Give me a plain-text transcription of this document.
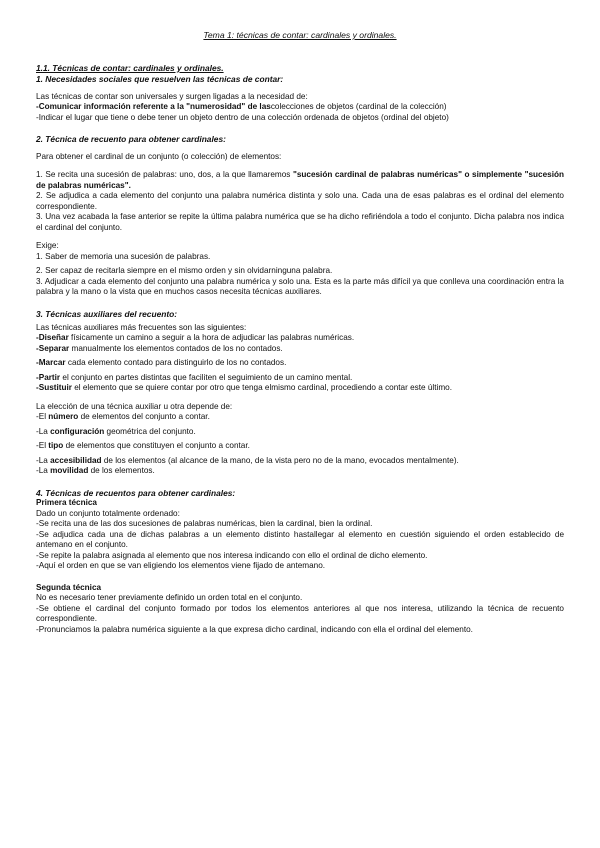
Tema 1: técnicas de contar: cardinales y ordinales.
1.1. Técnicas de contar: cardinales y ordinales.
1. Necesidades sociales que resuelven las técnicas de contar:

Las técnicas de contar son universales y surgen ligadas a la necesidad de:

-Comunicar información referente a la "numerosidad" de lascolecciones de objetos (cardinal de la colección)

-Indicar el lugar que tiene o debe tener un objeto dentro de una colección ordenada de objetos (ordinal del objeto)

2. Técnica de recuento para obtener cardinales:

Para obtener el cardinal de un conjunto (o colección) de elementos:

1. Se recita una sucesión de palabras: uno, dos, a la que llamaremos "sucesión cardinal de palabras numéricas" o simplemente "sucesión de palabras numéricas".

2. Se adjudica a cada elemento del conjunto una palabra numérica distinta y solo una. Cada una de esas palabras es el ordinal del elemento correspondiente.

3. Una vez acabada la fase anterior se repite la última palabra numérica que se ha dicho refiriéndola a todo el conjunto. Dicha palabra nos indica el cardinal del conjunto.

Exige:

1. Saber de memoria una sucesión de palabras.

2. Ser capaz de recitarla siempre en el mismo orden y sin olvidarninguna palabra.

3. Adjudicar a cada elemento del conjunto una palabra numérica y solo una. Esta es la parte más difícil ya que conlleva una coordinación entra la palabra y la mano o la vista que en muchos casos necesita técnicas auxiliares.

3. Técnicas auxiliares del recuento:

Las técnicas auxiliares más frecuentes son las siguientes:

-Diseñar físicamente un camino a seguir a la hora de adjudicar las palabras numéricas.

-Separar manualmente los elementos contados de los no contados.

-Marcar cada elemento contado para distinguirlo de los no contados.

-Partir el conjunto en partes distintas que faciliten el seguimiento de un camino mental.

-Sustituir el elemento que se quiere contar por otro que tenga elmismo cardinal, procediendo a contar este último.

La elección de una técnica auxiliar u otra depende de:

-El número de elementos del conjunto a contar.

-La configuración geométrica del conjunto.

-El tipo de elementos que constituyen el conjunto a contar.

-La accesibilidad de los elementos (al alcance de la mano, de la vista pero no de la mano, evocados mentalmente).

-La movilidad de los elementos.

4. Técnicas de recuentos para obtener cardinales:
Primera técnica

Dado un conjunto totalmente ordenado:

-Se recita una de las dos sucesiones de palabras numéricas, bien la cardinal, bien la ordinal.

-Se adjudica cada una de dichas palabras a un elemento distinto hastallegar al elemento en cuestión siguiendo el orden establecido de antemano en el conjunto.

-Se repite la palabra asignada al elemento que nos interesa indicando con ello el ordinal de dicho elemento.

-Aquí el orden en que se van eligiendo los elementos viene fijado de antemano.

Segunda técnica

No es necesario tener previamente definido un orden total en el conjunto.

-Se obtiene el cardinal del conjunto formado por todos los elementos anteriores al que nos interesa, utilizando la técnica de recuento correspondiente.

-Pronunciamos la palabra numérica siguiente a la que expresa dicho cardinal, indicando con ella el ordinal del elemento.
